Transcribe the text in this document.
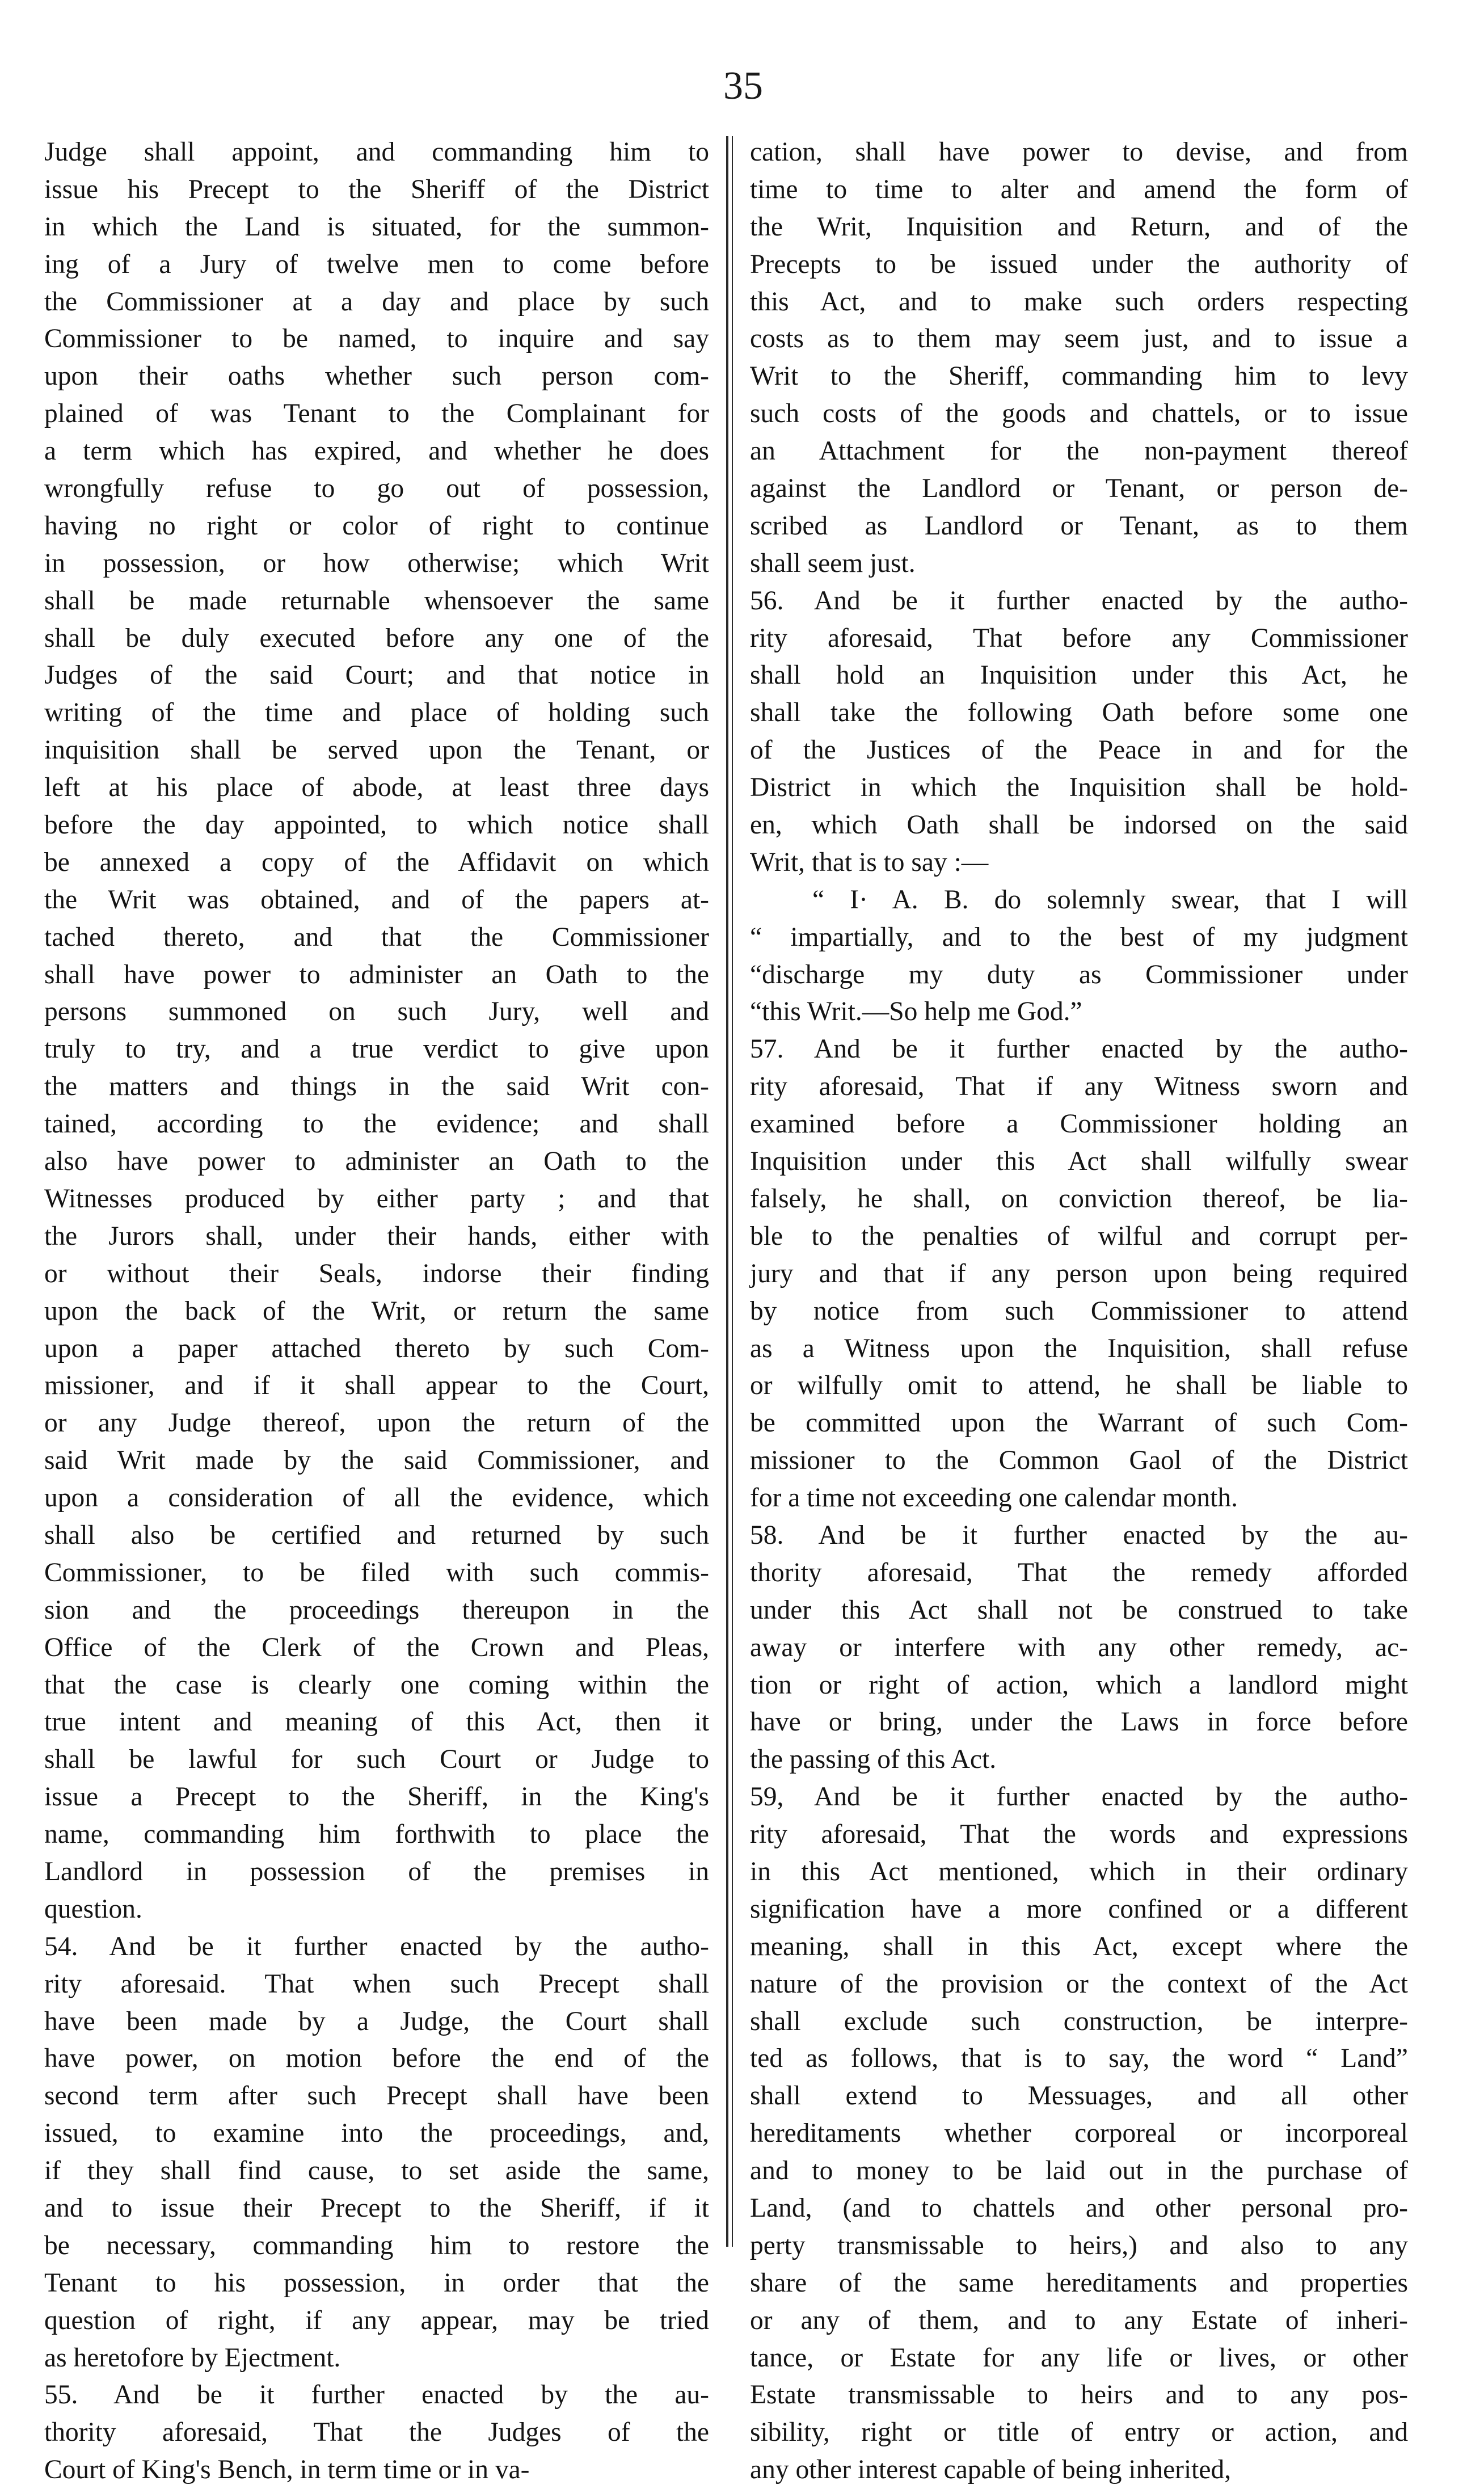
35
Judge shall appoint, and commanding him to
issue his Precept to the Sheriff of the District
in which the Land is situated, for the summon-
ing of a Jury of twelve men to come before
the Commissioner at a day and place by such
Commissioner to be named, to inquire and say
upon their oaths whether such person com-
plained of was Tenant to the Complainant for
a term which has expired, and whether he does
wrongfully refuse to go out of possession,
having no right or color of right to continue
in possession, or how otherwise; which Writ
shall be made returnable whensoever the same
shall be duly executed before any one of the
Judges of the said Court; and that notice in
writing of the time and place of holding such
inquisition shall be served upon the Tenant, or
left at his place of abode, at least three days
before the day appointed, to which notice shall
be annexed a copy of the Affidavit on which
the Writ was obtained, and of the papers at-
tached thereto, and that the Commissioner
shall have power to administer an Oath to the
persons summoned on such Jury, well and
truly to try, and a true verdict to give upon
the matters and things in the said Writ con-
tained, according to the evidence; and shall
also have power to administer an Oath to the
Witnesses produced by either party ; and that
the Jurors shall, under their hands, either with
or without their Seals, indorse their finding
upon the back of the Writ, or return the same
upon a paper attached thereto by such Com-
missioner, and if it shall appear to the Court,
or any Judge thereof, upon the return of the
said Writ made by the said Commissioner, and
upon a consideration of all the evidence, which
shall also be certified and returned by such
Commissioner, to be filed with such commis-
sion and the proceedings thereupon in the
Office of the Clerk of the Crown and Pleas,
that the case is clearly one coming within the
true intent and meaning of this Act, then it
shall be lawful for such Court or Judge to
issue a Precept to the Sheriff, in the King's
name, commanding him forthwith to place the
Landlord in possession of the premises in
question.
54. And be it further enacted by the autho-
rity aforesaid. That when such Precept shall
have been made by a Judge, the Court shall
have power, on motion before the end of the
second term after such Precept shall have been
issued, to examine into the proceedings, and,
if they shall find cause, to set aside the same,
and to issue their Precept to the Sheriff, if it
be necessary, commanding him to restore the
Tenant to his possession, in order that the
question of right, if any appear, may be tried
as heretofore by Ejectment.
55. And be it further enacted by the au-
thority aforesaid, That the Judges of the
Court of King's Bench, in term time or in va-
cation, shall have power to devise, and from
time to time to alter and amend the form of
the Writ, Inquisition and Return, and of the
Precepts to be issued under the authority of
this Act, and to make such orders respecting
costs as to them may seem just, and to issue a
Writ to the Sheriff, commanding him to levy
such costs of the goods and chattels, or to issue
an Attachment for the non-payment thereof
against the Landlord or Tenant, or person de-
scribed as Landlord or Tenant, as to them
shall seem just.
56. And be it further enacted by the autho-
rity aforesaid, That before any Commissioner
shall hold an Inquisition under this Act, he
shall take the following Oath before some one
of the Justices of the Peace in and for the
District in which the Inquisition shall be hold-
en, which Oath shall be indorsed on the said
Writ, that is to say :—
“ I· A. B. do solemnly swear, that I will
“ impartially, and to the best of my judgment
“discharge my duty as Commissioner under
“this Writ.—So help me God.”
57. And be it further enacted by the autho-
rity aforesaid, That if any Witness sworn and
examined before a Commissioner holding an
Inquisition under this Act shall wilfully swear
falsely, he shall, on conviction thereof, be lia-
ble to the penalties of wilful and corrupt per-
jury and that if any person upon being required
by notice from such Commissioner to attend
as a Witness upon the Inquisition, shall refuse
or wilfully omit to attend, he shall be liable to
be committed upon the Warrant of such Com-
missioner to the Common Gaol of the District
for a time not exceeding one calendar month.
58. And be it further enacted by the au-
thority aforesaid, That the remedy afforded
under this Act shall not be construed to take
away or interfere with any other remedy, ac-
tion or right of action, which a landlord might
have or bring, under the Laws in force before
the passing of this Act.
59, And be it further enacted by the autho-
rity aforesaid, That the words and expressions
in this Act mentioned, which in their ordinary
signification have a more confined or a different
meaning, shall in this Act, except where the
nature of the provision or the context of the Act
shall exclude such construction, be interpre-
ted as follows, that is to say, the word “ Land”
shall extend to Messuages, and all other
hereditaments whether corporeal or incorporeal
and to money to be laid out in the purchase of
Land, (and to chattels and other personal pro-
perty transmissable to heirs,) and also to any
share of the same hereditaments and properties
or any of them, and to any Estate of inheri-
tance, or Estate for any life or lives, or other
Estate transmissable to heirs and to any pos-
sibility, right or title of entry or action, and
any other interest capable of being inherited,
